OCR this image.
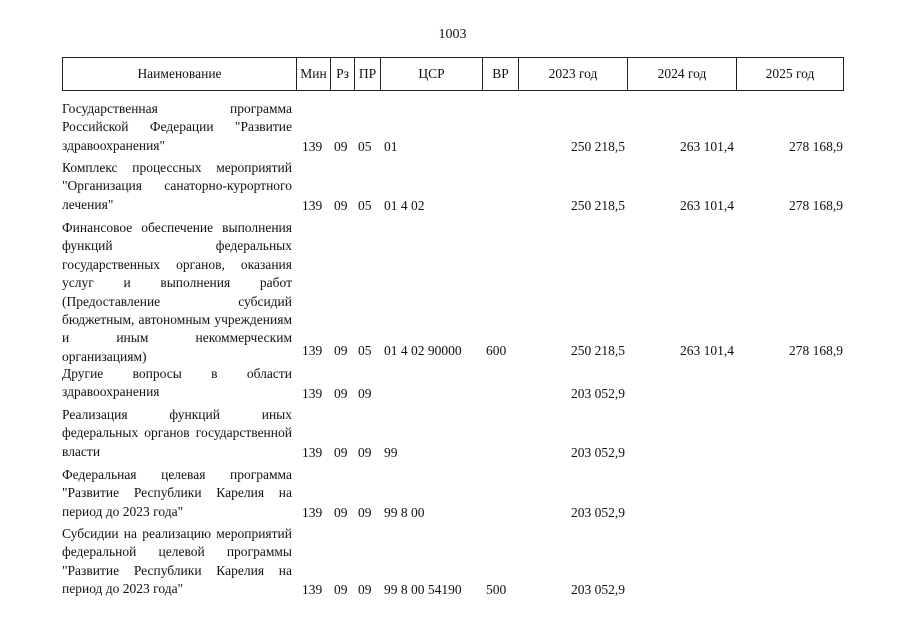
1003
Наименование	Мин Рз ПР	ЦСР	ВР	2023 год	2024 год	2025 год
Государственная программа Российской Федерации "Развитие здравоохранения"	139 09 05 01	250 218,5	263 101,4	278 168,9
Комплекс процессных мероприятий "Организация санаторно-курортного лечения"	139 09 05 01 4 02	250 218,5	263 101,4	278 168,9
Финансовое обеспечение выполнения функций федеральных государственных органов, оказания услуг и выполнения работ (Предоставление субсидий бюджетным, автономным учреждениям и иным некоммерческим организациям)	139 09 05 01 4 02 90000 600	250 218,5	263 101,4	278 168,9
Другие вопросы в области здравоохранения	139 09 09	203 052,9
Реализация функций иных федеральных органов государственной власти	139 09 09 99	203 052,9
Федеральная целевая программа "Развитие Республики Карелия на период до 2023 года"	139 09 09 99 8 00	203 052,9
Субсидии на реализацию мероприятий федеральной целевой программы "Развитие Республики Карелия на период до 2023 года"	139 09 09 99 8 00 54190 500	203 052,9
